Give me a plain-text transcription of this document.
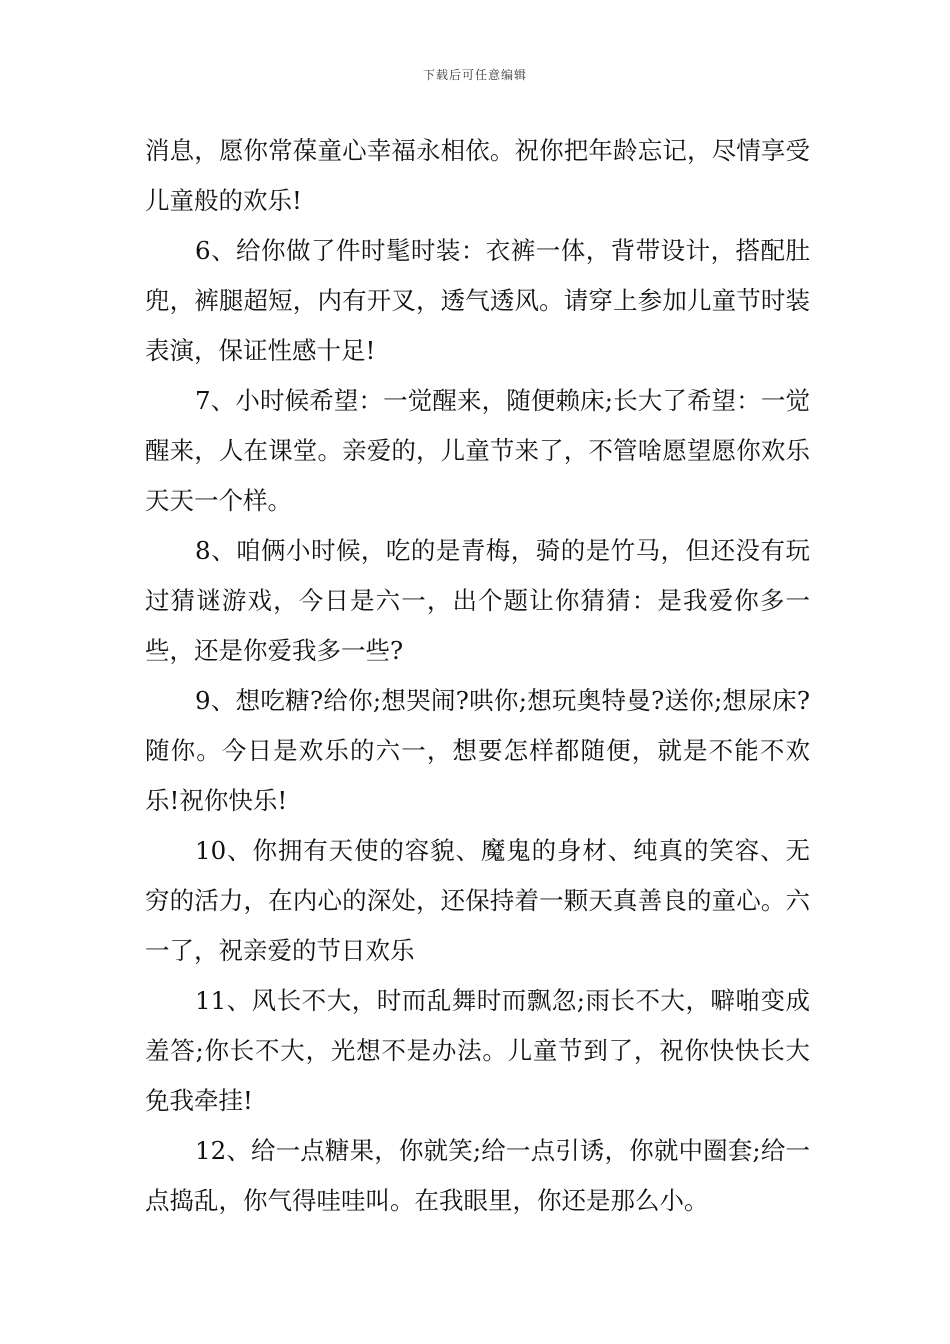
下载后可任意编辑

消息，愿你常葆童心幸福永相依。祝你把年龄忘记，尽情享受儿童般的欢乐!

6、给你做了件时髦时装：衣裤一体，背带设计，搭配肚兜，裤腿超短，内有开叉，透气透风。请穿上参加儿童节时装表演，保证性感十足!

7、小时候希望：一觉醒来，随便赖床;长大了希望：一觉醒来，人在课堂。亲爱的，儿童节来了，不管啥愿望愿你欢乐天天一个样。

8、咱俩小时候，吃的是青梅，骑的是竹马，但还没有玩过猜谜游戏，今日是六一，出个题让你猜猜：是我爱你多一些，还是你爱我多一些?

9、想吃糖?给你;想哭闹?哄你;想玩奥特曼?送你;想尿床?随你。今日是欢乐的六一，想要怎样都随便，就是不能不欢乐!祝你快乐!

10、你拥有天使的容貌、魔鬼的身材、纯真的笑容、无穷的活力，在内心的深处，还保持着一颗天真善良的童心。六一了，祝亲爱的节日欢乐

11、风长不大，时而乱舞时而飘忽;雨长不大，噼啪变成羞答;你长不大，光想不是办法。儿童节到了，祝你快快长大免我牵挂!

12、给一点糖果，你就笑;给一点引诱，你就中圈套;给一点捣乱，你气得哇哇叫。在我眼里，你还是那么小。
